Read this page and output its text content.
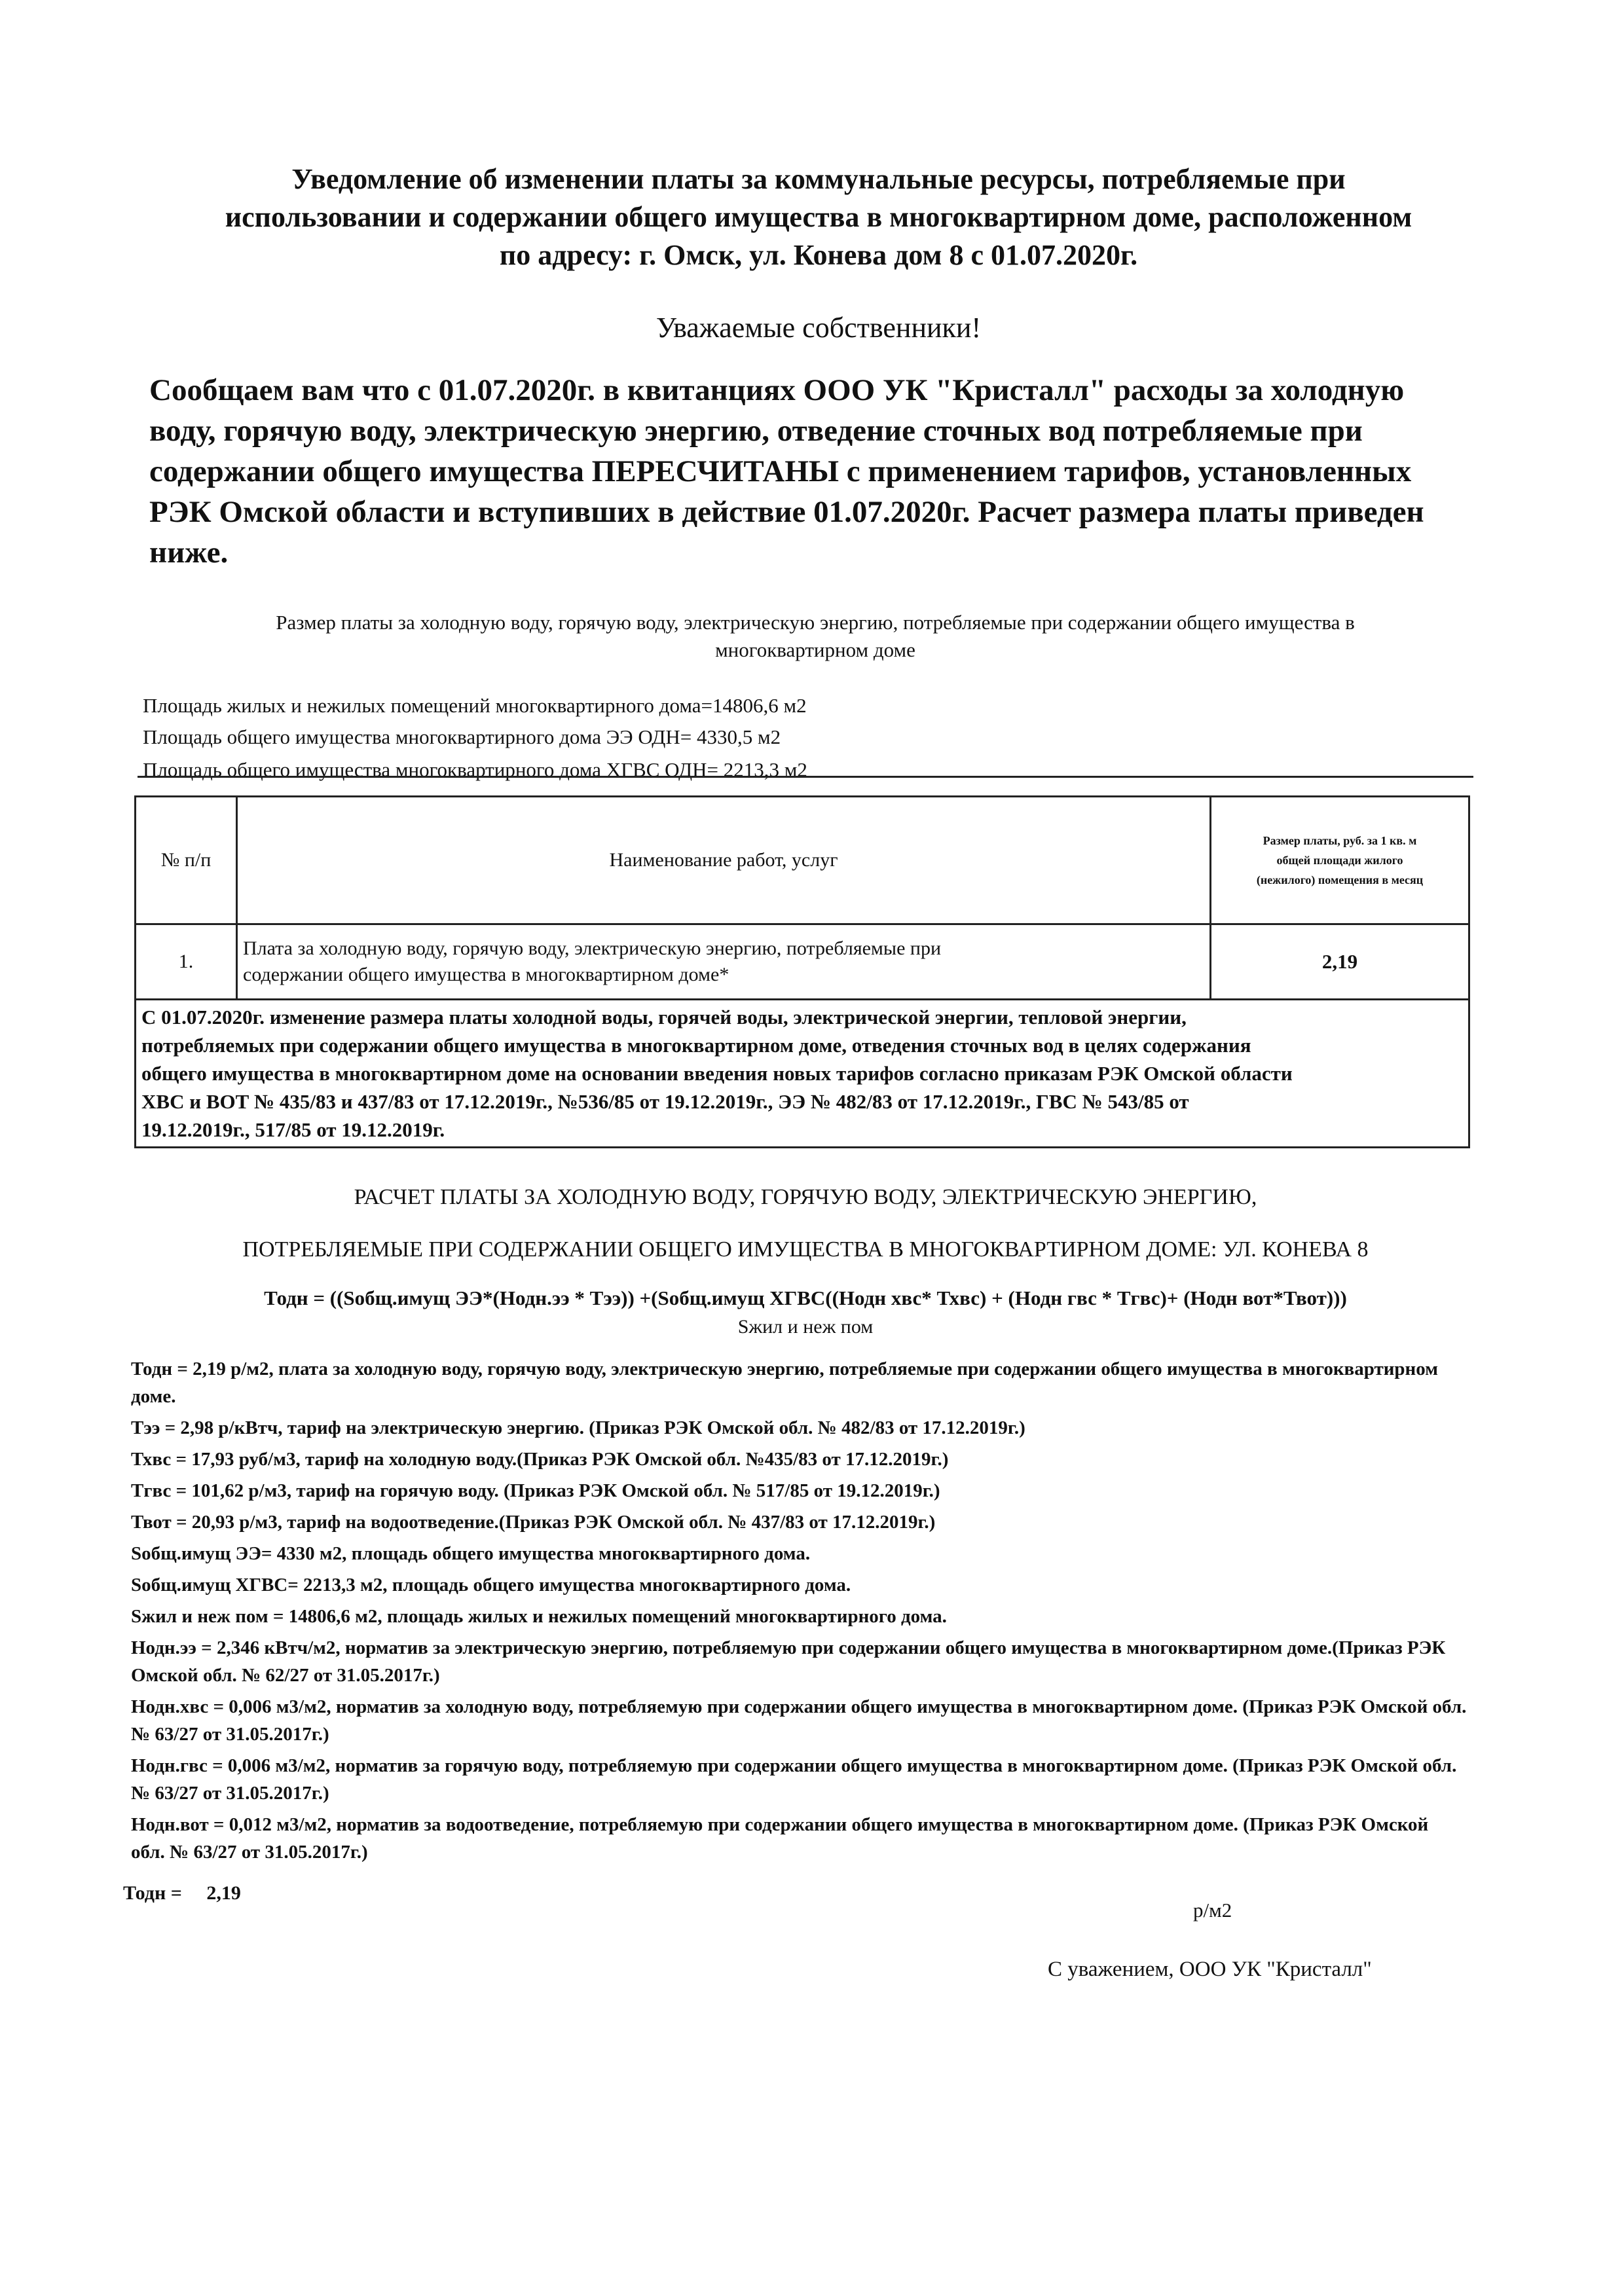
Уведомление об изменении платы за коммунальные ресурсы, потребляемые при
использовании и содержании общего имущества в многоквартирном доме, расположенном
по адресу: г. Омск, ул. Конева дом 8 с 01.07.2020г.
Уважаемые собственники!
Сообщаем вам что с 01.07.2020г. в квитанциях ООО УК "Кристалл" расходы за холодную
воду, горячую воду, электрическую энергию, отведение сточных вод потребляемые при
содержании общего имущества ПЕРЕСЧИТАНЫ с применением тарифов, установленных
РЭК Омской области и вступивших в действие 01.07.2020г. Расчет размера платы приведен
ниже.
Размер платы за холодную воду, горячую воду, электрическую энергию, потребляемые при содержании общего имущества в
многоквартирном доме
Площадь жилых и нежилых помещений многоквартирного дома=14806,6 м2
Площадь общего имущества многоквартирного дома ЭЭ ОДН= 4330,5 м2
Площадь общего имущества многоквартирного дома ХГВС ОДН= 2213,3 м2
№ п/п	Наименование работ, услуг	Размер платы, руб. за 1 кв. м
общей площади жилого
(нежилого) помещения в месяц

1.	Плата за холодную воду, горячую воду, электрическую энергию, потребляемые при
содержании общего имущества в многоквартирном доме*	2,19

С 01.07.2020г. изменение размера платы холодной воды, горячей воды, электрической энергии, тепловой энергии,
потребляемых при содержании общего имущества в многоквартирном доме, отведения сточных вод в целях содержания
общего имущества в многоквартирном доме на основании введения новых тарифов согласно приказам РЭК Омской области
ХВС и ВОТ № 435/83 и 437/83 от 17.12.2019г., №536/85 от 19.12.2019г., ЭЭ № 482/83 от 17.12.2019г., ГВС № 543/85 от
19.12.2019г., 517/85 от 19.12.2019г.		
РАСЧЕТ ПЛАТЫ ЗА ХОЛОДНУЮ ВОДУ, ГОРЯЧУЮ ВОДУ, ЭЛЕКТРИЧЕСКУЮ ЭНЕРГИЮ,
ПОТРЕБЛЯЕМЫЕ ПРИ СОДЕРЖАНИИ ОБЩЕГО ИМУЩЕСТВА В МНОГОКВАРТИРНОМ ДОМЕ: УЛ. КОНЕВА 8
Тодн = ((Sобщ.имущ ЭЭ*(Нодн.ээ * Тээ)) +(Sобщ.имущ ХГВС((Нодн хвс* Тхвс) + (Нодн гвс * Тгвс)+ (Нодн вот*Твот)))
Sжил и неж пом

Тодн = 2,19 р/м2, плата за холодную воду, горячую воду, электрическую энергию, потребляемые при содержании общего имущества в многоквартирном доме.

Тээ = 2,98 р/кВтч, тариф на электрическую энергию. (Приказ РЭК Омской обл. № 482/83 от 17.12.2019г.)

Тхвс = 17,93 руб/м3, тариф на холодную воду.(Приказ РЭК Омской обл. №435/83 от 17.12.2019г.)

Тгвс = 101,62 р/м3, тариф на горячую воду. (Приказ РЭК Омской обл. № 517/85 от 19.12.2019г.)

Твот = 20,93 р/м3, тариф на водоотведение.(Приказ РЭК Омской обл. № 437/83 от 17.12.2019г.)

Sобщ.имущ ЭЭ= 4330 м2, площадь общего имущества многоквартирного дома.

Sобщ.имущ ХГВС= 2213,3 м2, площадь общего имущества многоквартирного дома.

Sжил и неж пом = 14806,6 м2, площадь жилых и нежилых помещений многоквартирного дома.

Нодн.ээ = 2,346 кВтч/м2, норматив за электрическую энергию, потребляемую при содержании общего имущества в многоквартирном доме.(Приказ РЭК Омской обл. № 62/27 от 31.05.2017г.)

Нодн.хвс = 0,006 м3/м2, норматив за холодную воду, потребляемую при содержании общего имущества в многоквартирном доме. (Приказ РЭК Омской обл. № 63/27 от 31.05.2017г.)

Нодн.гвс = 0,006 м3/м2, норматив за горячую воду, потребляемую при содержании общего имущества в многоквартирном доме. (Приказ РЭК Омской обл. № 63/27 от 31.05.2017г.)

Нодн.вот = 0,012 м3/м2, норматив за водоотведение, потребляемую при содержании общего имущества в многоквартирном доме. (Приказ РЭК Омской обл. № 63/27 от 31.05.2017г.)

Тодн = 2,19
р/м2
С уважением, ООО УК "Кристалл"
